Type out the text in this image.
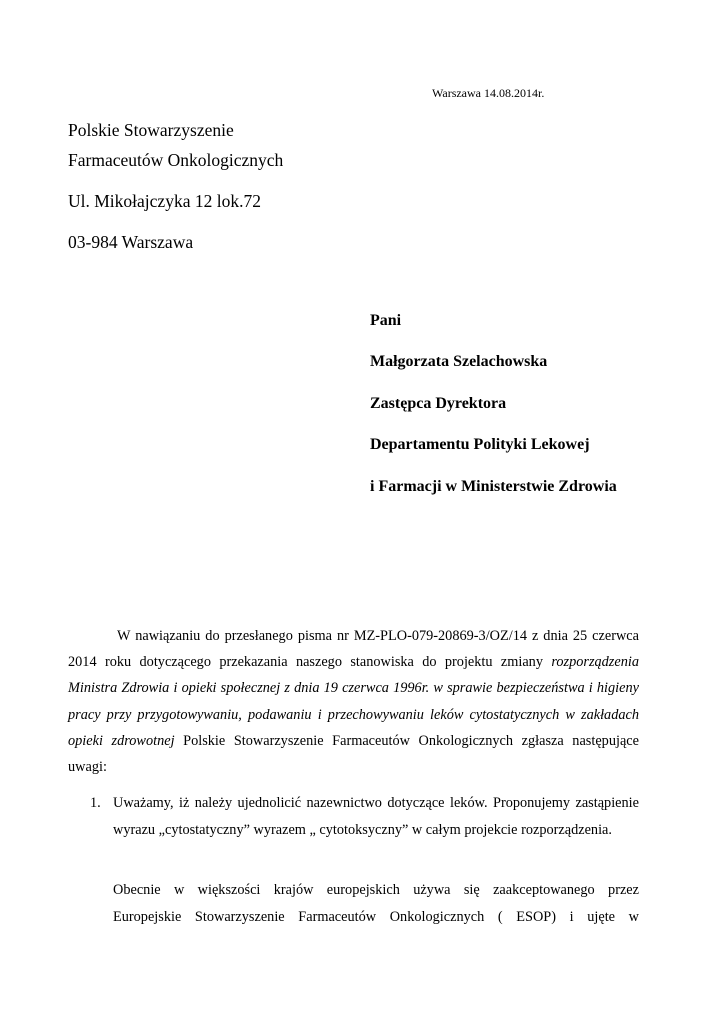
Warszawa 14.08.2014r.
Polskie Stowarzyszenie
Farmaceutów Onkologicznych
Ul. Mikołajczyka 12 lok.72
03-984 Warszawa
Pani
Małgorzata Szelachowska
Zastępca Dyrektora
Departamentu Polityki Lekowej
i Farmacji w Ministerstwie Zdrowia
W nawiązaniu do przesłanego pisma nr MZ-PLO-079-20869-3/OZ/14 z dnia 25 czerwca 2014 roku dotyczącego przekazania naszego stanowiska do projektu zmiany rozporządzenia Ministra Zdrowia i opieki społecznej z dnia 19 czerwca 1996r. w sprawie bezpieczeństwa i higieny pracy przy przygotowywaniu, podawaniu i przechowywaniu leków cytostatycznych w zakładach opieki zdrowotnej Polskie Stowarzyszenie Farmaceutów Onkologicznych zgłasza następujące uwagi:
1. Uważamy, iż należy ujednolicić nazewnictwo dotyczące leków. Proponujemy zastąpienie wyrazu „cytostatyczny” wyrazem „ cytotoksyczny” w całym projekcie rozporządzenia.
Obecnie w większości krajów europejskich używa się zaakceptowanego przez
Europejskie Stowarzyszenie Farmaceutów Onkologicznych ( ESOP) i ujęte w
